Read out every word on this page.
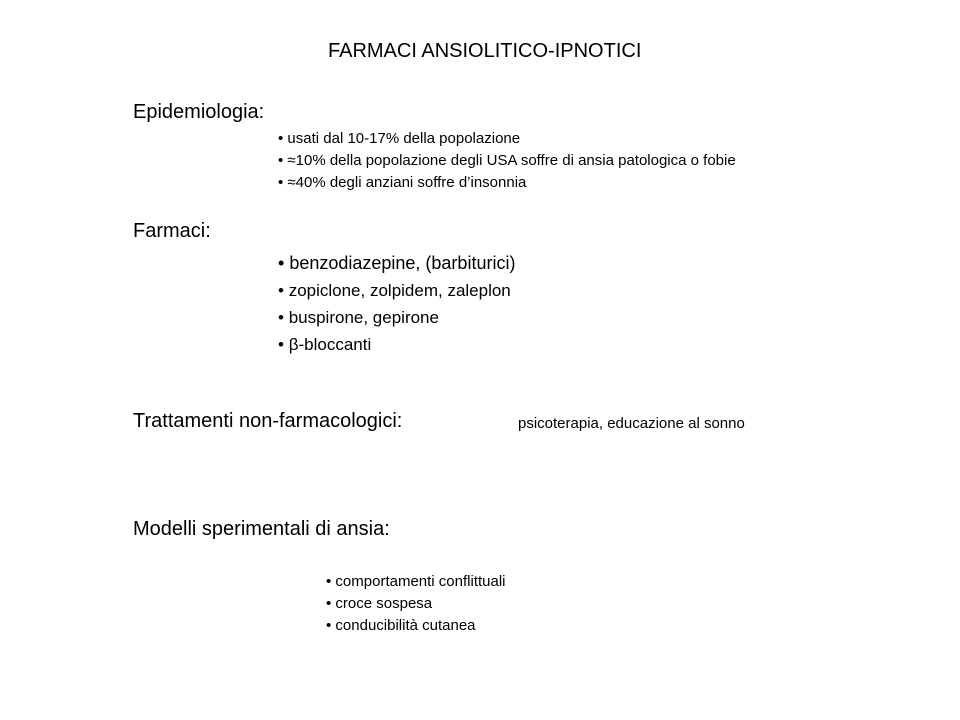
FARMACI ANSIOLITICO-IPNOTICI
Epidemiologia:
• usati dal 10-17% della popolazione
• ≈10% della popolazione degli USA soffre di ansia patologica o fobie
• ≈40% degli anziani soffre d’insonnia
Farmaci:
• benzodiazepine, (barbiturici)
• zopiclone, zolpidem, zaleplon
• buspirone, gepirone
• β-bloccanti
Trattamenti non-farmacologici:	psicoterapia, educazione al sonno
Modelli sperimentali di ansia:
• comportamenti conflittuali
• croce sospesa
• conducibilità cutanea
